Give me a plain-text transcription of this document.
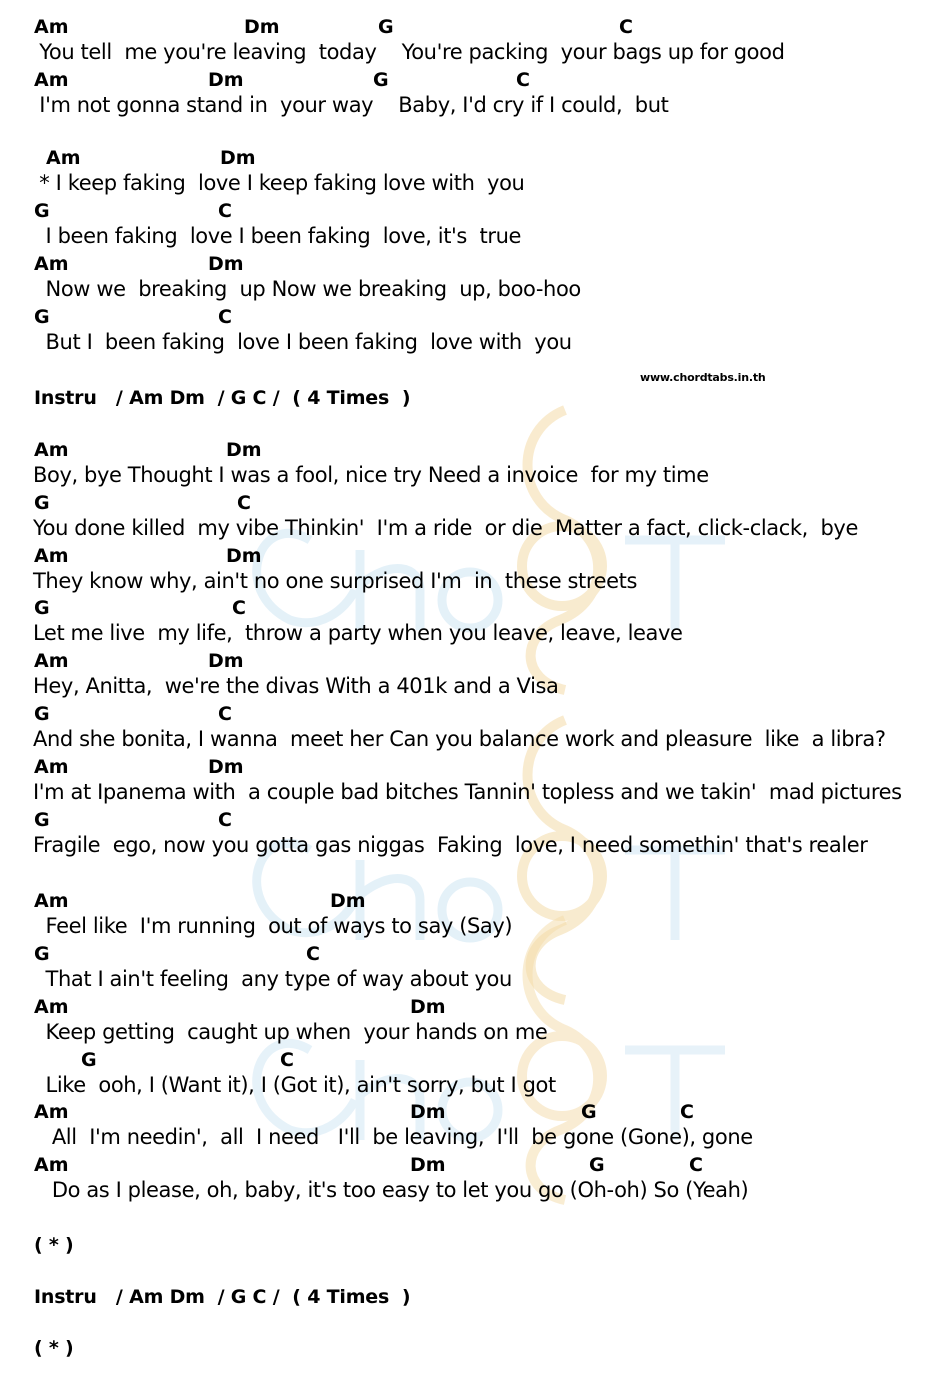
www.chordtabs.in.th
Am	Dm	G	C
You tell  me you're leaving  today    You're packing  your bags up for good
Am	Dm	G	C
I'm not gonna stand in  your way    Baby, I'd cry if I could,  but
Am	Dm
* I keep faking  love I keep faking love with  you
G	C
I been faking  love I been faking  love, it's  true
Am	Dm
Now we  breaking  up Now we breaking  up, boo-hoo
G	C
But I  been faking  love I been faking  love with  you
Am	Dm
Boy, bye Thought I was a fool, nice try Need a invoice  for my time
G	C
You done killed  my vibe Thinkin'  I'm a ride  or die  Matter a fact, click-clack,  bye
Am	Dm
They know why, ain't no one surprised I'm  in  these streets
G	C
Let me live  my life,  throw a party when you leave, leave, leave
Am	Dm
Hey, Anitta,  we're the divas With a 401k and a Visa
G	C
And she bonita, I wanna  meet her Can you balance work and pleasure  like  a libra?
Am	Dm
I'm at Ipanema with  a couple bad bitches Tannin' topless and we takin'  mad pictures
G	C
Fragile  ego, now you gotta gas niggas  Faking  love, I need somethin' that's realer
Am	Dm
Feel like  I'm running  out of ways to say (Say)
G	C
That I ain't feeling  any type of way about you
Am	Dm
Keep getting  caught up when  your hands on me
G	C
Like  ooh, I (Want it), I (Got it), ain't sorry, but I got
Am	Dm	G	C
All  I'm needin',  all  I need   I'll  be leaving,  I'll  be gone (Gone), gone
Am	Dm	G	C
Do as I please, oh, baby, it's too easy to let you go (Oh-oh) So (Yeah)
Instru   / Am Dm  / G C /  ( 4 Times  )
( * )
Instru   / Am Dm  / G C /  ( 4 Times  )
( * )
